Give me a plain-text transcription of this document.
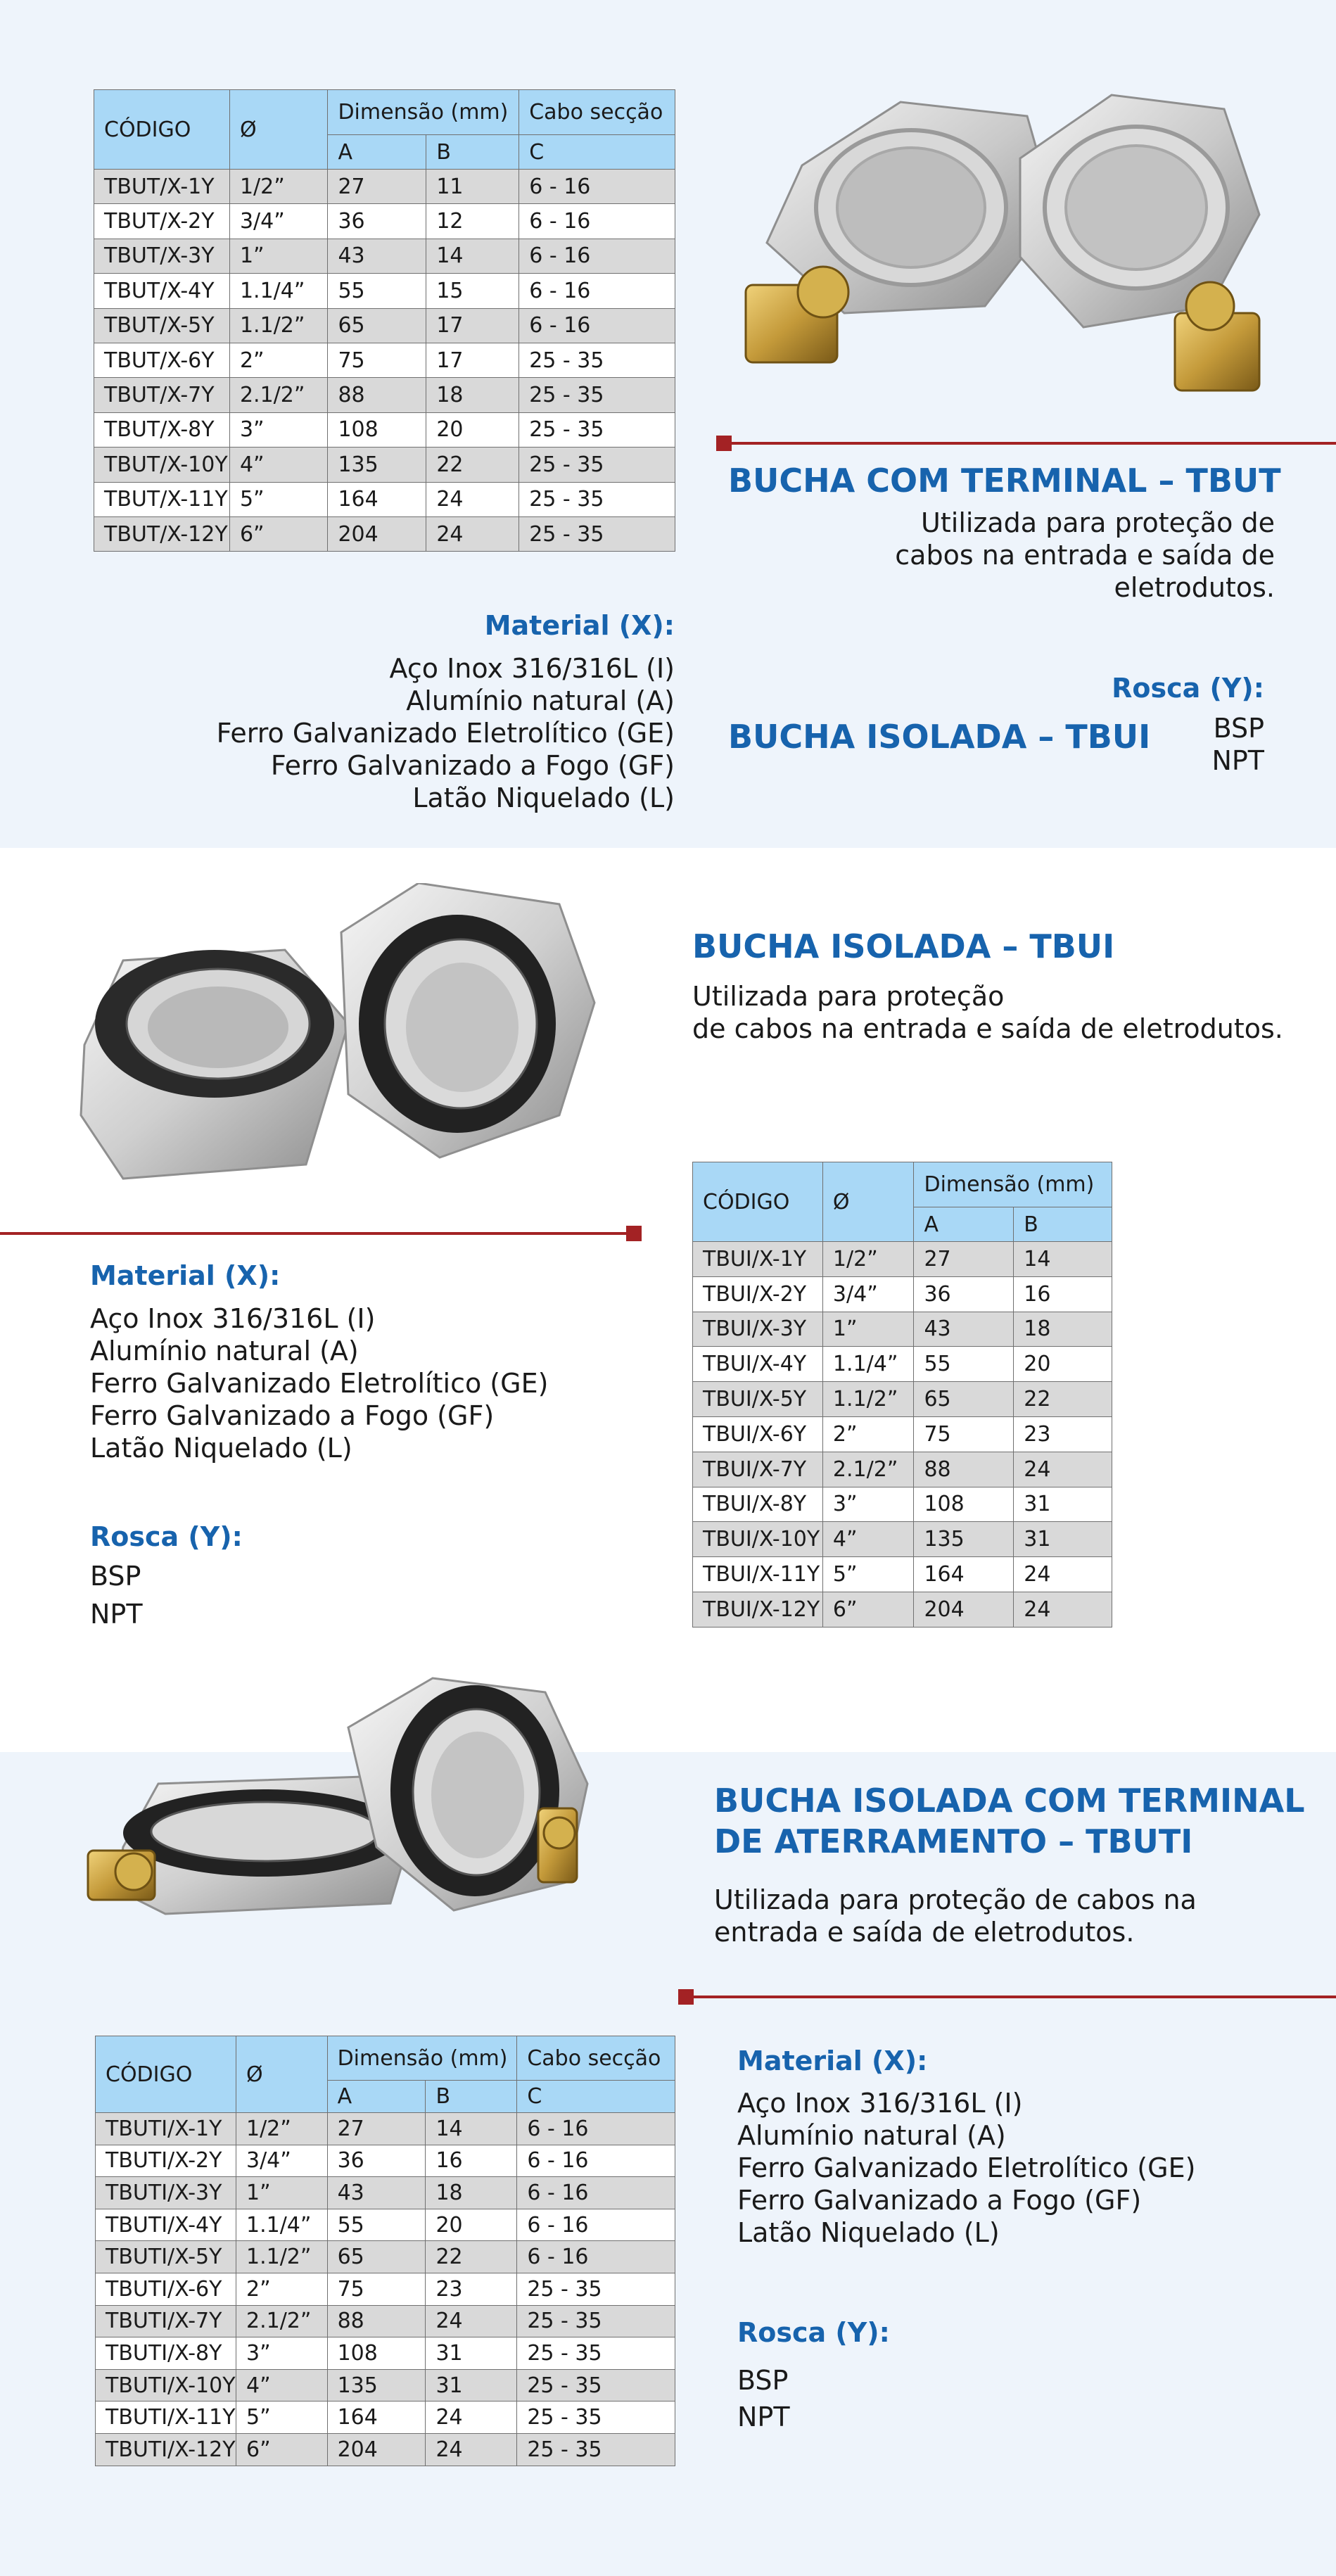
CÓDIGO	Ø	Dimensão (mm)		Cabo secção
		A	B	C
TBUT/X-1Y	1/2”	27	11	6 - 16
TBUT/X-2Y	3/4”	36	12	6 - 16
TBUT/X-3Y	1”	43	14	6 - 16
TBUT/X-4Y	1.1/4”	55	15	6 - 16
TBUT/X-5Y	1.1/2”	65	17	6 - 16
TBUT/X-6Y	2”	75	17	25 - 35
TBUT/X-7Y	2.1/2”	88	18	25 - 35
TBUT/X-8Y	3”	108	20	25 - 35
TBUT/X-10Y	4”	135	22	25 - 35
TBUT/X-11Y	5”	164	24	25 - 35
TBUT/X-12Y	6”	204	24	25 - 35
BUCHA COM TERMINAL – TBUT
Utilizada para proteção de
cabos na entrada e saída de
eletrodutos.
Material (X):
Aço Inox 316/316L (I)
Alumínio natural (A)
Ferro Galvanizado Eletrolítico (GE)
Ferro Galvanizado a Fogo (GF)
Latão Niquelado (L)
Rosca (Y):
BSP
NPT
BUCHA ISOLADA – TBUI
BUCHA ISOLADA – TBUI
Utilizada para proteção
de cabos na entrada e saída de eletrodutos.
Material (X):
Aço Inox 316/316L (I)
Alumínio natural (A)
Ferro Galvanizado Eletrolítico (GE)
Ferro Galvanizado a Fogo (GF)
Latão Niquelado (L)
Rosca (Y):
BSP
NPT
CÓDIGO	Ø	Dimensão (mm)	
		A	B
TBUI/X-1Y	1/2”	27	14
TBUI/X-2Y	3/4”	36	16
TBUI/X-3Y	1”	43	18
TBUI/X-4Y	1.1/4”	55	20
TBUI/X-5Y	1.1/2”	65	22
TBUI/X-6Y	2”	75	23
TBUI/X-7Y	2.1/2”	88	24
TBUI/X-8Y	3”	108	31
TBUI/X-10Y	4”	135	31
TBUI/X-11Y	5”	164	24
TBUI/X-12Y	6”	204	24
BUCHA ISOLADA COM TERMINAL
DE ATERRAMENTO – TBUTI
Utilizada para proteção de cabos na
entrada e saída de eletrodutos.
CÓDIGO	Ø	Dimensão (mm)		Cabo secção
		A	B	C
TBUTI/X-1Y	1/2”	27	14	6 - 16
TBUTI/X-2Y	3/4”	36	16	6 - 16
TBUTI/X-3Y	1”	43	18	6 - 16
TBUTI/X-4Y	1.1/4”	55	20	6 - 16
TBUTI/X-5Y	1.1/2”	65	22	6 - 16
TBUTI/X-6Y	2”	75	23	25 - 35
TBUTI/X-7Y	2.1/2”	88	24	25 - 35
TBUTI/X-8Y	3”	108	31	25 - 35
TBUTI/X-10Y	4”	135	31	25 - 35
TBUTI/X-11Y	5”	164	24	25 - 35
TBUTI/X-12Y	6”	204	24	25 - 35
Material (X):
Aço Inox 316/316L (I)
Alumínio natural (A)
Ferro Galvanizado Eletrolítico (GE)
Ferro Galvanizado a Fogo (GF)
Latão Niquelado (L)
Rosca (Y):
BSP
NPT
